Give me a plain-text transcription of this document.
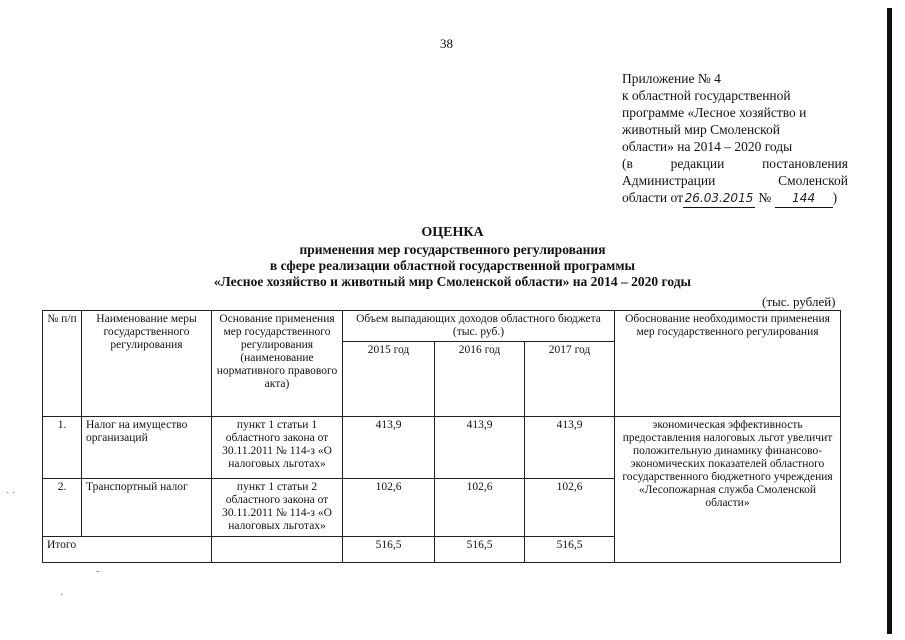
38
Приложение № 4
к областной государственной
программе «Лесное хозяйство и
животный мир Смоленской
области» на 2014 – 2020 годы
(в	редакции	постановления
Администрации	Смоленской
области от 26.03.2015 № 144 )
ОЦЕНКА
применения мер государственного регулирования
в сфере реализации областной государственной программы
«Лесное хозяйство и животный мир Смоленской области» на 2014 – 2020 годы
(тыс. рублей)
№ п/п	Наименование меры государственного регулирования	Основание применения мер государственного регулирования (наименование нормативного правового акта)	Объем выпадающих доходов областного бюджета (тыс. руб.)			Обоснование необходимости применения мер государственного регулирования
			2015 год	2016 год	2017 год	
1.	Налог на имущество организаций	пункт 1 статьи 1 областного закона от 30.11.2011 № 114-з «О налоговых льготах»	413,9	413,9	413,9	экономическая эффективность предоставления налоговых льгот увеличит положительную динамику финансово-экономических показателей областного государственного бюджетного учреждения «Лесопожарная служба Смоленской области»
2.	Транспортный налог	пункт 1 статьи 2 областного закона от 30.11.2011 № 114-з «О налоговых льготах»	102,6	102,6	102,6	
Итого			516,5	516,5	516,5	
· ·
·
-
